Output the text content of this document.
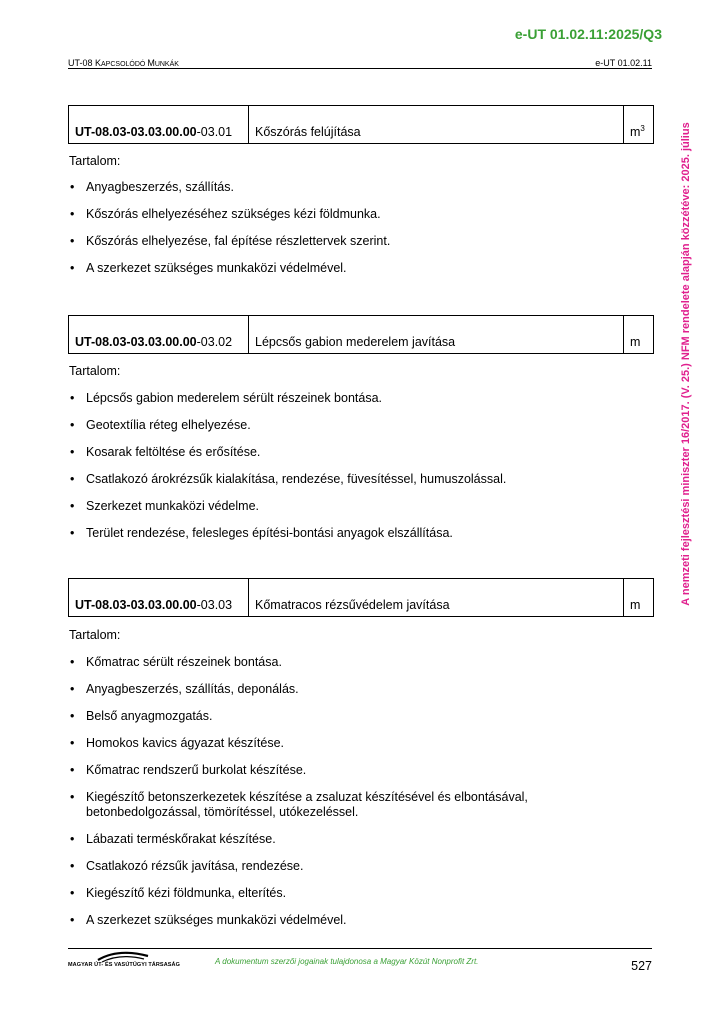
e-UT 01.02.11:2025/Q3
UT-08 KAPCSOLÓDÓ MUNKÁK	e-UT 01.02.11
A nemzeti fejlesztési miniszter 16/2017. (V. 25.) NFM rendelete alapján közzétéve: 2025. július
UT-08.03-03.03.00.00-03.01	Kőszórás felújítása	$m^3$
Tartalom:
• Anyagbeszerzés, szállítás.
• Kőszórás elhelyezéséhez szükséges kézi földmunka.
• Kőszórás elhelyezése, fal építése részlettervek szerint.
• A szerkezet szükséges munkaközi védelmével.
UT-08.03-03.03.00.00-03.02	Lépcsős gabion mederelem javítása	m
Tartalom:
• Lépcsős gabion mederelem sérült részeinek bontása.
• Geotextília réteg elhelyezése.
• Kosarak feltöltése és erősítése.
• Csatlakozó árokrézsűk kialakítása, rendezése, füvesítéssel, humuszolással.
• Szerkezet munkaközi védelme.
• Terület rendezése, felesleges építési-bontási anyagok elszállítása.
UT-08.03-03.03.00.00-03.03	Kőmatracos rézsűvédelem javítása	m
Tartalom:
• Kőmatrac sérült részeinek bontása.
• Anyagbeszerzés, szállítás, deponálás.
• Belső anyagmozgatás.
• Homokos kavics ágyazat készítése.
• Kőmatrac rendszerű burkolat készítése.
• Kiegészítő betonszerkezetek készítése a zsaluzat készítésével és elbontásával, betonbedolgozással, tömörítéssel, utókezeléssel.
• Lábazati terméskőrakat készítése.
• Csatlakozó rézsűk javítása, rendezése.
• Kiegészítő kézi földmunka, elterítés.
• A szerkezet szükséges munkaközi védelmével.
MAGYAR ÚT- ÉS VASÚTÜGYI TÁRSASÁG	A dokumentum szerzői jogainak tulajdonosa a Magyar Közút Nonprofit Zrt.	527
